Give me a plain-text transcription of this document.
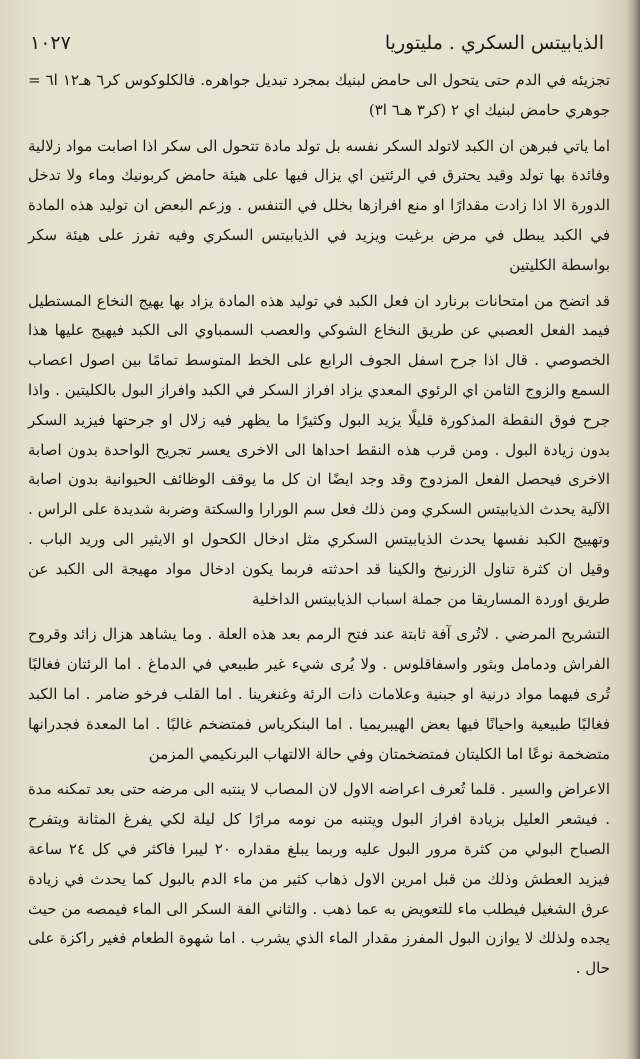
الذيابيتس السكري . مليتوريا
١٠٢٧

تجزيئه في الدم حتى يتحول الى حامض لبنيك بمجرد تبديل جواهره. فالكلوكوس كر٦ هـ١٢ ا٦ = جوهري حامض لبنيك اي ٢ (كر٣ هـ٦ ا٣)

اما ياتي فبرهن ان الكبد لاتولد السكر نفسه بل تولد مادة تتحول الى سكر اذا اصابت مواد زلالية وفائدة بها تولد وقيد يحترق في الرئتين اي يزال فيها على هيئة حامض كربونيك وماء ولا تدخل الدورة الا اذا زادت مقدارًا او منع افرازها بخلل في التنفس . وزعم البعض ان توليد هذه المادة في الكبد يبطل في مرض برغيت ويزيد في الذيابيتس السكري وفيه تفرز على هيئة سكر بواسطة الكليتين

قد اتضح من امتحانات برنارد ان فعل الكبد في توليد هذه المادة يزاد بها يهيج النخاع المستطيل فيمد الفعل العصبي عن طريق النخاع الشوكي والعصب السمباوي الى الكبد فيهيج عليها هذا الخصوصي . قال اذا جرح اسفل الجوف الرابع على الخط المتوسط تمامًا بين اصول اعصاب السمع والزوج الثامن اي الرئوي المعدي يزاد افراز السكر في الكبد وافراز البول بالكليتين . واذا جرح فوق النقطة المذكورة قليلًا يزيد البول وكثيرًا ما يظهر فيه زلال او جرحتها فيزيد السكر بدون زيادة البول . ومن قرب هذه النقط احداها الى الاخرى يعسر تجريح الواحدة بدون اصابة الاخرى فيحصل الفعل المزدوج وقد وجد ايضًا ان كل ما يوقف الوظائف الحيوانية بدون اصابة الآلية يحدث الذيابيتس السكري ومن ذلك فعل سم الورارا والسكتة وضربة شديدة على الراس . وتهييج الكبد نفسها يحدث الذيابيتس السكري مثل ادخال الكحول او الايثير الى وريد الباب . وقيل ان كثرة تناول الزرنيخ والكينا قد احدثته فربما يكون ادخال مواد مهيجة الى الكبد عن طريق اوردة المساريقا من جملة اسباب الذيابيتس الداخلية

التشريح المرضي . لاتُرى آفة ثابتة عند فتح الرمم بعد هذه العلة . وما يشاهد هزال زائد وقروح الفراش ودمامل وبثور واسفاقلوس . ولا يُرى شيء غير طبيعي في الدماغ . اما الرئتان فغالبًا تُرى فيهما مواد درنية او جبنية وعلامات ذات الرئة وغنغرينا . اما القلب فرخو ضامر . اما الكبد فغالبًا طبيعية واحيانًا فيها بعض الهيبريميا . اما البنكرياس فمتضخم غالبًا . اما المعدة فجدرانها متضخمة نوعًا اما الكليتان فمتضخمتان وفي حالة الالتهاب البرنكيمي المزمن

الاعراض والسير . قلما تُعرف اعراضه الاول لان المصاب لا ينتبه الى مرضه حتى بعد تمكنه مدة . فيشعر العليل بزيادة افراز البول ويتنبه من نومه مرارًا كل ليلة لكي يفرغ المثانة ويتفرح الصباح البولي من كثرة مرور البول عليه وربما يبلغ مقداره ٢٠ ليبرا فاكثر في كل ٢٤ ساعة فيزيد العطش وذلك من قبل امرين الاول ذهاب كثير من ماء الدم بالبول كما يحدث في زيادة عرق الشغيل فيطلب ماء للتعويض به عما ذهب . والثاني الفة السكر الى الماء فيمصه من حيث يجده ولذلك لا يوازن البول المفرز مقدار الماء الذي يشرب . اما شهوة الطعام فغير راكزة على حال .
